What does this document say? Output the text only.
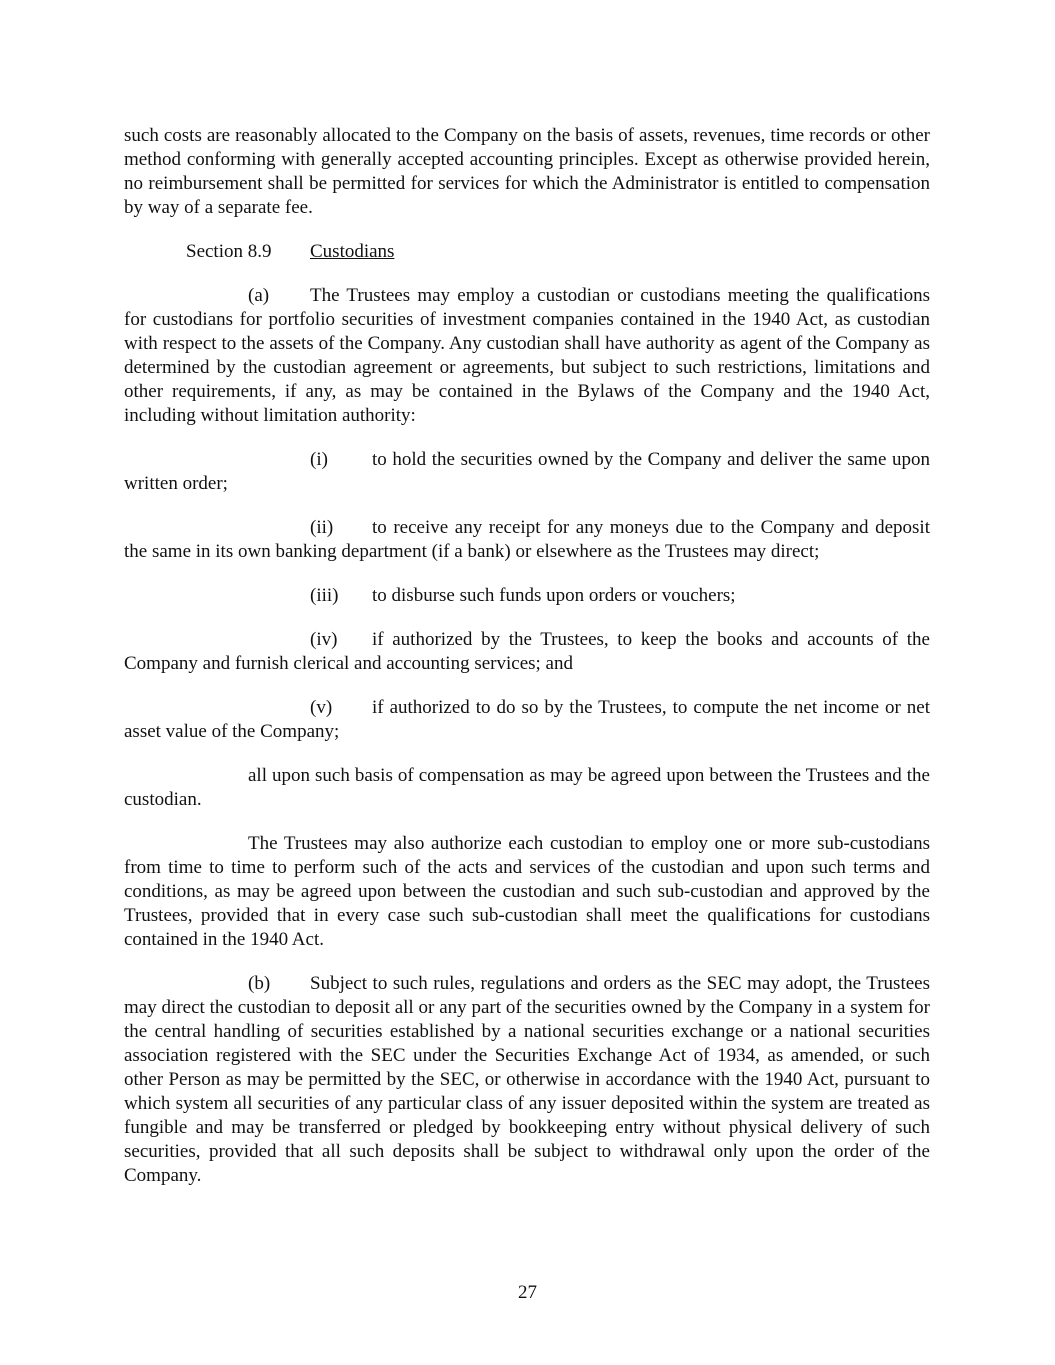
such costs are reasonably allocated to the Company on the basis of assets, revenues, time records or other method conforming with generally accepted accounting principles. Except as otherwise provided herein, no reimbursement shall be permitted for services for which the Administrator is entitled to compensation by way of a separate fee.

Section 8.9 Custodians

(a) The Trustees may employ a custodian or custodians meeting the qualifications for custodians for portfolio securities of investment companies contained in the 1940 Act, as custodian with respect to the assets of the Company. Any custodian shall have authority as agent of the Company as determined by the custodian agreement or agreements, but subject to such restrictions, limitations and other requirements, if any, as may be contained in the Bylaws of the Company and the 1940 Act, including without limitation authority:

(i) to hold the securities owned by the Company and deliver the same upon written order;

(ii) to receive any receipt for any moneys due to the Company and deposit the same in its own banking department (if a bank) or elsewhere as the Trustees may direct;

(iii) to disburse such funds upon orders or vouchers;

(iv) if authorized by the Trustees, to keep the books and accounts of the Company and furnish clerical and accounting services; and

(v) if authorized to do so by the Trustees, to compute the net income or net asset value of the Company;

all upon such basis of compensation as may be agreed upon between the Trustees and the custodian.

The Trustees may also authorize each custodian to employ one or more sub-custodians from time to time to perform such of the acts and services of the custodian and upon such terms and conditions, as may be agreed upon between the custodian and such sub-custodian and approved by the Trustees, provided that in every case such sub-custodian shall meet the qualifications for custodians contained in the 1940 Act.

(b) Subject to such rules, regulations and orders as the SEC may adopt, the Trustees may direct the custodian to deposit all or any part of the securities owned by the Company in a system for the central handling of securities established by a national securities exchange or a national securities association registered with the SEC under the Securities Exchange Act of 1934, as amended, or such other Person as may be permitted by the SEC, or otherwise in accordance with the 1940 Act, pursuant to which system all securities of any particular class of any issuer deposited within the system are treated as fungible and may be transferred or pledged by bookkeeping entry without physical delivery of such securities, provided that all such deposits shall be subject to withdrawal only upon the order of the Company.

27
